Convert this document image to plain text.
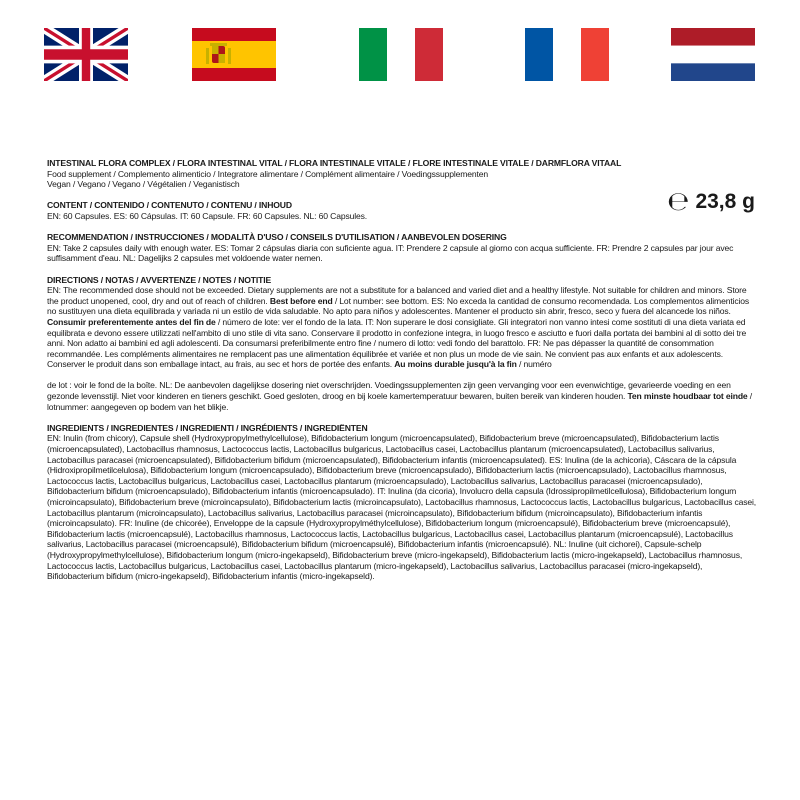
℮ 23,8 g

INTESTINAL FLORA COMPLEX / FLORA INTESTINAL VITAL / FLORA INTESTINALE VITALE / FLORE INTESTINALE VITALE / DARMFLORA VITAAL

Food supplement / Complemento alimenticio / Integratore alimentare / Complément alimentaire / Voedingssupplementen

Vegan / Vegano / Vegano / Végétalien / Veganistisch

CONTENT / CONTENIDO / CONTENUTO / CONTENU / INHOUD

EN: 60 Capsules. ES: 60 Cápsulas. IT: 60 Capsule. FR: 60 Capsules. NL: 60 Capsules.

RECOMMENDATION / INSTRUCCIONES / MODALITÀ D'USO / CONSEILS D'UTILISATION / AANBEVOLEN DOSERING

EN: Take 2 capsules daily with enough water. ES: Tomar 2 cápsulas diaria con suficiente agua. IT: Prendere 2 capsule al giorno con acqua sufficiente. FR: Prendre 2 capsules par jour avec suffisamment d'eau. NL: Dagelijks 2 capsules met voldoende water nemen.

DIRECTIONS / NOTAS / AVVERTENZE / NOTES / NOTITIE

EN: The recommended dose should not be exceeded. Dietary supplements are not a substitute for a balanced and varied diet and a healthy lifestyle. Not suitable for children and minors. Store the product unopened, cool, dry and out of reach of children. Best before end / Lot number: see bottom. ES: No exceda la cantidad de consumo recomendada. Los complementos alimenticios no sustituyen una dieta equilibrada y variada ni un estilo de vida saludable. No apto para niños y adolescentes. Mantener el producto sin abrir, fresco, seco y fuera del alcancede los niños. Consumir preferentemente antes del fin de / número de lote: ver el fondo de la lata. IT: Non superare le dosi consigliate. Gli integratori non vanno intesi come sostituti di una dieta variata ed equilibrata e devono essere utilizzati nell'ambito di uno stile di vita sano. Conservare il prodotto in confezione integra, in luogo fresco e asciutto e fuori dalla portata dei bambini al di sotto dei tre anni. Non adatto ai bambini ed agli adolescenti. Da consumarsi preferibilmente entro fine / numero di lotto: vedi fondo del barattolo. FR: Ne pas dépasser la quantité de consommation recommandée. Les compléments alimentaires ne remplacent pas une alimentation équilibrée et variée et non plus un mode de vie sain. Ne convient pas aux enfants et aux adolescents. Conserver le produit dans son emballage intact, au frais, au sec et hors de portée des enfants. Au moins durable jusqu'à la fin / numéro

de lot : voir le fond de la boîte. NL: De aanbevolen dagelijkse dosering niet overschrijden. Voedingssupplementen zijn geen vervanging voor een evenwichtige, gevarieerde voeding en een gezonde levensstijl. Niet voor kinderen en tieners geschikt. Goed gesloten, droog en bij koele kamertemperatuur bewaren, buiten bereik van kinderen houden. Ten minste houdbaar tot einde / lotnummer: aangegeven op bodem van het blikje.

INGREDIENTS / INGREDIENTES / INGREDIENTI / INGRÉDIENTS / INGREDIËNTEN

EN: Inulin (from chicory), Capsule shell (Hydroxypropylmethylcellulose), Bifidobacterium longum (microencapsulated), Bifidobacterium breve (microencapsulated), Bifidobacterium lactis (microencapsulated), Lactobacillus rhamnosus, Lactococcus lactis, Lactobacillus bulgaricus, Lactobacillus casei, Lactobacillus plantarum (microencapsulated), Lactobacillus salivarius, Lactobacillus paracasei (microencapsulated), Bifidobacterium bifidum (microencapsulated), Bifidobacterium infantis (microencapsulated). ES: Inulina (de la achicoria), Cáscara de la cápsula (Hidroxipropilmetilcelulosa), Bifidobacterium longum (microencapsulado), Bifidobacterium breve (microencapsulado), Bifidobacterium lactis (microencapsulado), Lactobacillus rhamnosus, Lactococcus lactis, Lactobacillus bulgaricus, Lactobacillus casei, Lactobacillus plantarum (microencapsulado), Lactobacillus salivarius, Lactobacillus paracasei (microencapsulado), Bifidobacterium bifidum (microencapsulado), Bifidobacterium infantis (microencapsulado). IT: Inulina (da cicoria), Involucro della capsula (Idrossipropilmetilcellulosa), Bifidobacterium longum (microincapsulato), Bifidobacterium breve (microincapsulato), Bifidobacterium lactis (microincapsulato), Lactobacillus rhamnosus, Lactococcus lactis, Lactobacillus bulgaricus, Lactobacillus casei, Lactobacillus plantarum (microincapsulato), Lactobacillus salivarius, Lactobacillus paracasei (microincapsulato), Bifidobacterium bifidum (microincapsulato), Bifidobacterium infantis (microincapsulato). FR: Inuline (de chicorée), Enveloppe de la capsule (Hydroxypropylméthylcellulose), Bifidobacterium longum (microencapsulé), Bifidobacterium breve (microencapsulé), Bifidobacterium lactis (microencapsulé), Lactobacillus rhamnosus, Lactococcus lactis, Lactobacillus bulgaricus, Lactobacillus casei, Lactobacillus plantarum (microencapsulé), Lactobacillus salivarius, Lactobacillus paracasei (microencapsulé), Bifidobacterium bifidum (microencapsulé), Bifidobacterium infantis (microencapsulé). NL: Inuline (uit cichorei), Capsule-schelp (Hydroxypropylmethylcellulose), Bifidobacterium longum (micro-ingekapseld), Bifidobacterium breve (micro-ingekapseld), Bifidobacterium lactis (micro-ingekapseld), Lactobacillus rhamnosus, Lactococcus lactis, Lactobacillus bulgaricus, Lactobacillus casei, Lactobacillus plantarum (micro-ingekapseld), Lactobacillus salivarius, Lactobacillus paracasei (micro-ingekapseld), Bifidobacterium bifidum (micro-ingekapseld), Bifidobacterium infantis (micro-ingekapseld).
